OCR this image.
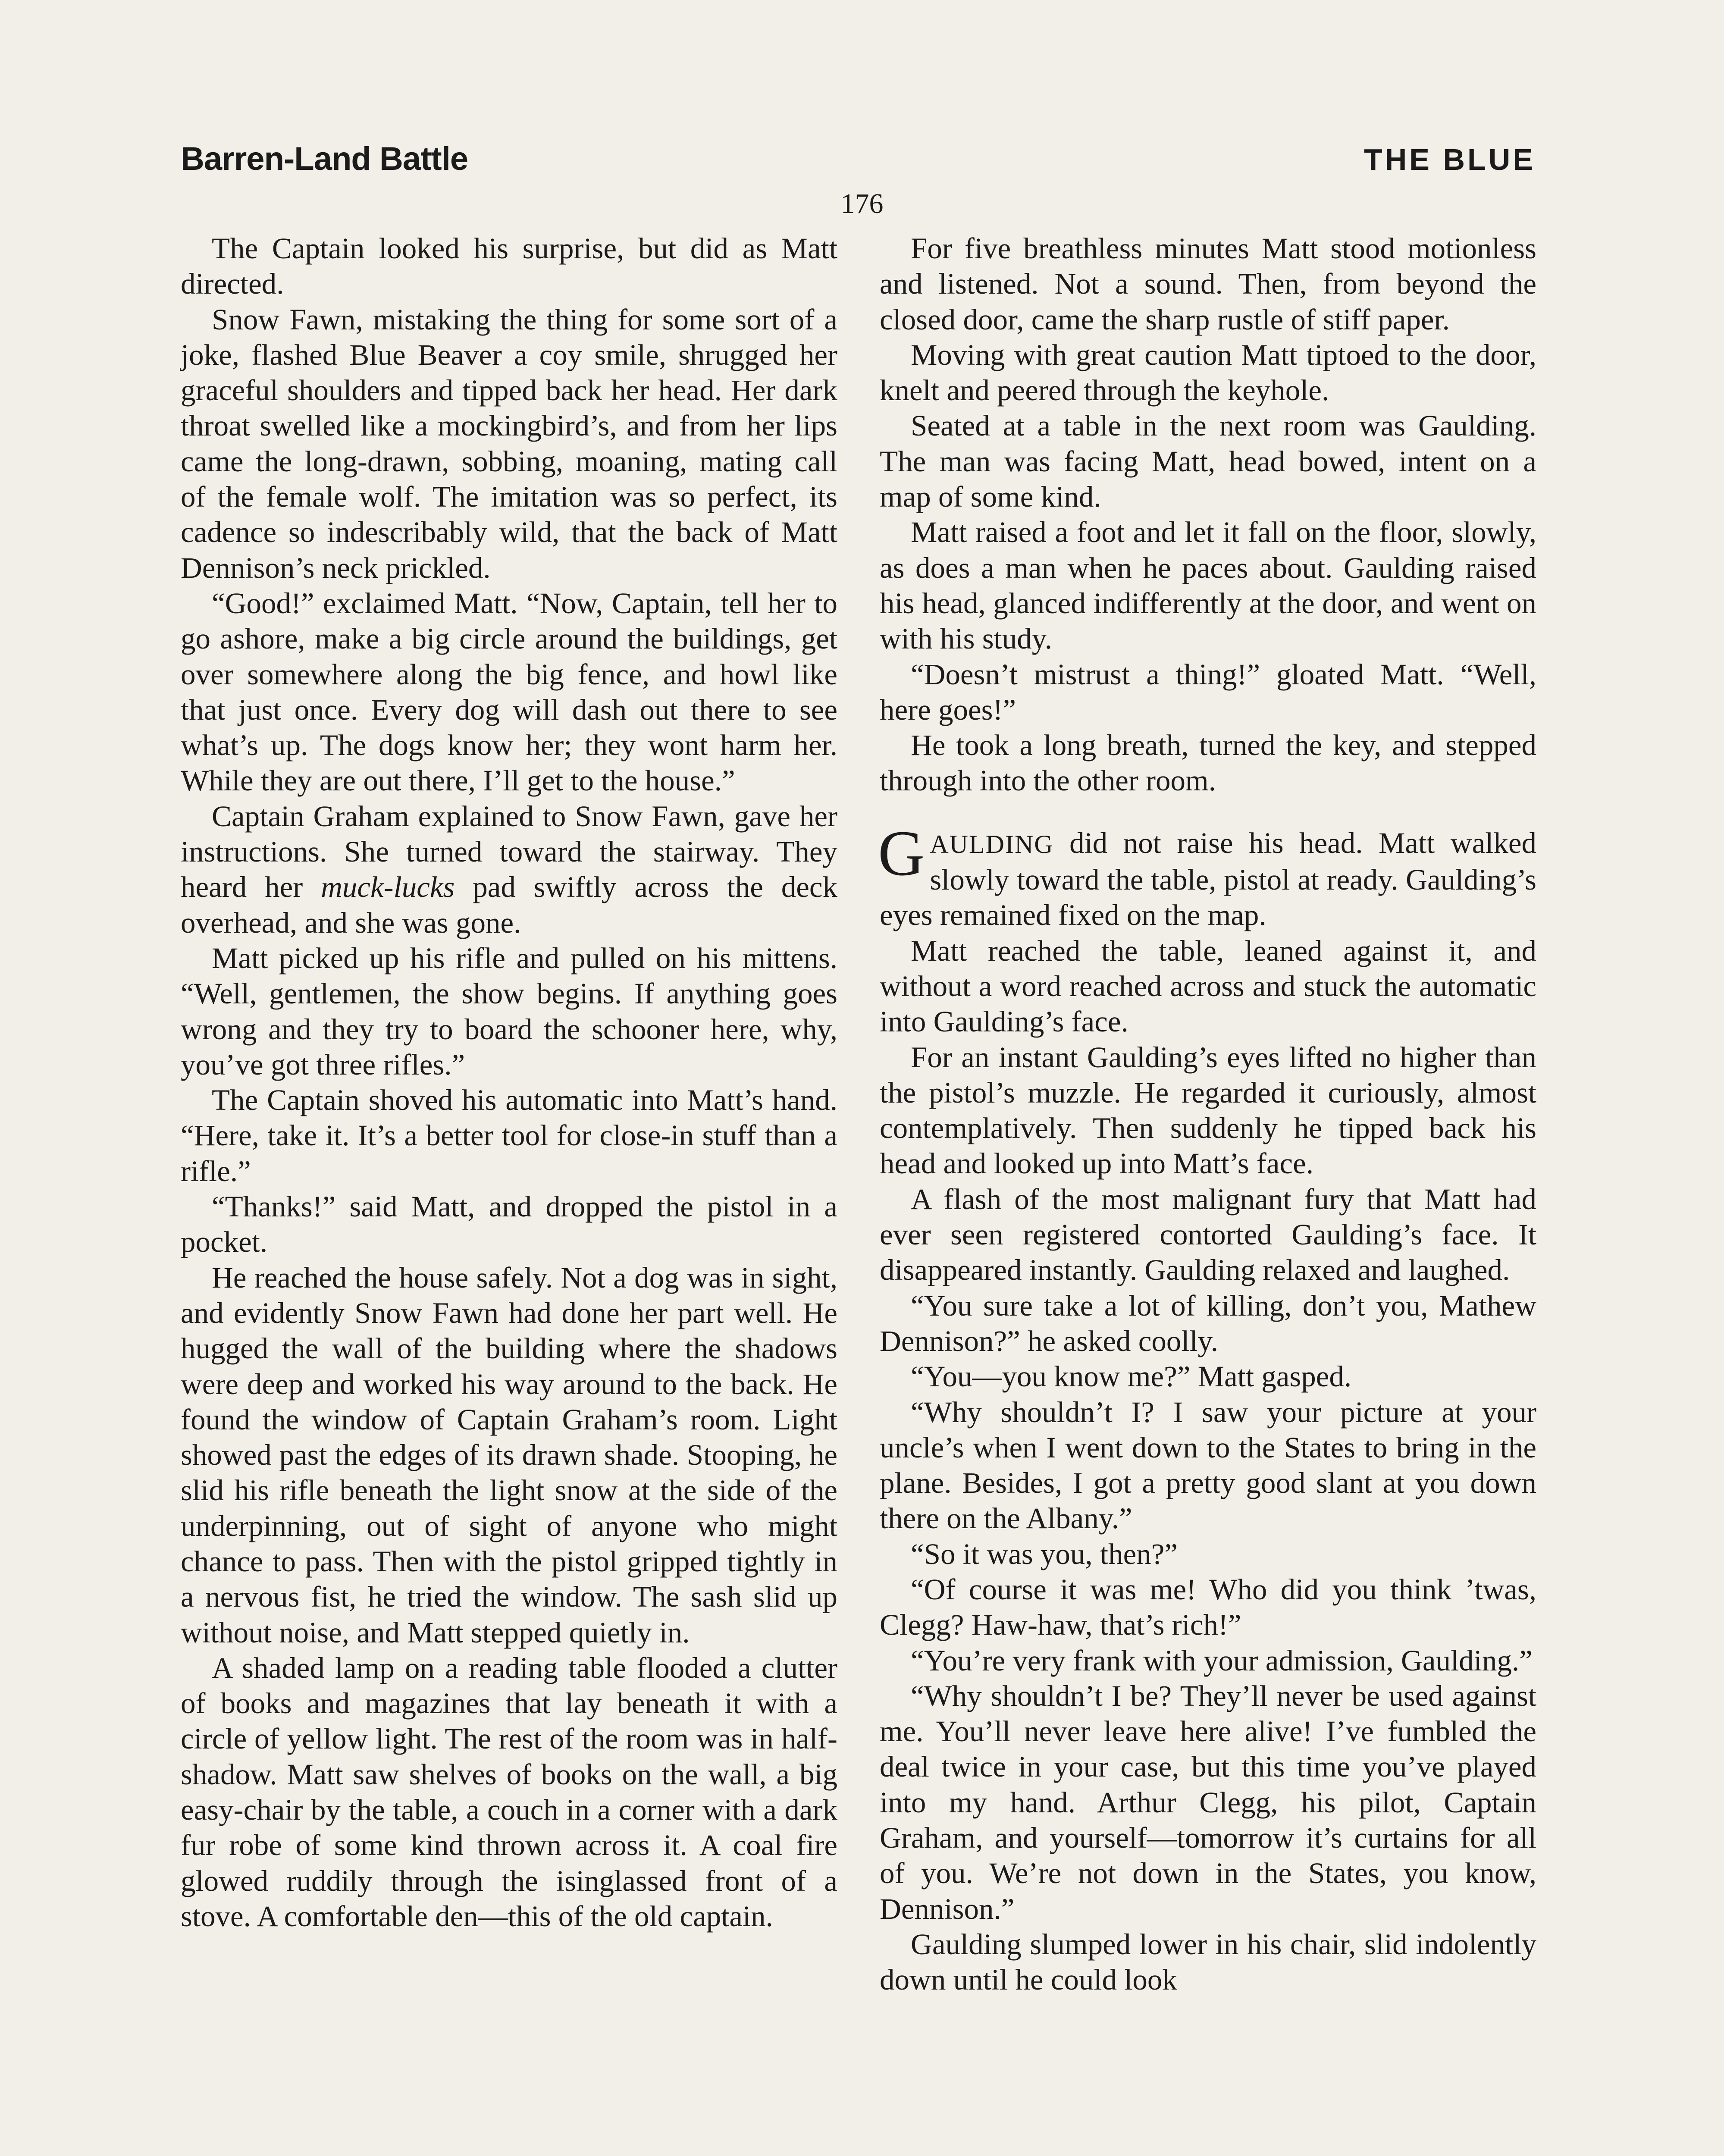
Barren-Land Battle	THE BLUE
176

The Captain looked his surprise, but did as Matt directed.

Snow Fawn, mistaking the thing for some sort of a joke, flashed Blue Beaver a coy smile, shrugged her graceful shoulders and tipped back her head. Her dark throat swelled like a mockingbird’s, and from her lips came the long-drawn, sobbing, moaning, mating call of the female wolf. The imitation was so perfect, its cadence so indescribably wild, that the back of Matt Dennison’s neck prickled.

“Good!” exclaimed Matt. “Now, Captain, tell her to go ashore, make a big circle around the buildings, get over somewhere along the big fence, and howl like that just once. Every dog will dash out there to see what’s up. The dogs know her; they wont harm her. While they are out there, I’ll get to the house.”

Captain Graham explained to Snow Fawn, gave her instructions. She turned toward the stairway. They heard her muck-lucks pad swiftly across the deck overhead, and she was gone.

Matt picked up his rifle and pulled on his mittens. “Well, gentlemen, the show begins. If anything goes wrong and they try to board the schooner here, why, you’ve got three rifles.”

The Captain shoved his automatic into Matt’s hand. “Here, take it. It’s a better tool for close-in stuff than a rifle.”

“Thanks!” said Matt, and dropped the pistol in a pocket.

He reached the house safely. Not a dog was in sight, and evidently Snow Fawn had done her part well. He hugged the wall of the building where the shadows were deep and worked his way around to the back. He found the window of Captain Graham’s room. Light showed past the edges of its drawn shade. Stooping, he slid his rifle beneath the light snow at the side of the underpinning, out of sight of anyone who might chance to pass. Then with the pistol gripped tightly in a nervous fist, he tried the window. The sash slid up without noise, and Matt stepped quietly in.

A shaded lamp on a reading table flooded a clutter of books and magazines that lay beneath it with a circle of yellow light. The rest of the room was in half-shadow. Matt saw shelves of books on the wall, a big easy-chair by the table, a couch in a corner with a dark fur robe of some kind thrown across it. A coal fire glowed ruddily through the isinglassed front of a stove. A comfortable den—this of the old captain.

For five breathless minutes Matt stood motionless and listened. Not a sound. Then, from beyond the closed door, came the sharp rustle of stiff paper.

Moving with great caution Matt tiptoed to the door, knelt and peered through the keyhole.

Seated at a table in the next room was Gaulding. The man was facing Matt, head bowed, intent on a map of some kind.

Matt raised a foot and let it fall on the floor, slowly, as does a man when he paces about. Gaulding raised his head, glanced indifferently at the door, and went on with his study.

“Doesn’t mistrust a thing!” gloated Matt. “Well, here goes!”

He took a long breath, turned the key, and stepped through into the other room.

GAULDING did not raise his head. Matt walked slowly toward the table, pistol at ready. Gaulding’s eyes remained fixed on the map.

Matt reached the table, leaned against it, and without a word reached across and stuck the automatic into Gaulding’s face.

For an instant Gaulding’s eyes lifted no higher than the pistol’s muzzle. He regarded it curiously, almost contemplatively. Then suddenly he tipped back his head and looked up into Matt’s face.

A flash of the most malignant fury that Matt had ever seen registered contorted Gaulding’s face. It disappeared instantly. Gaulding relaxed and laughed.

“You sure take a lot of killing, don’t you, Mathew Dennison?” he asked coolly.

“You—you know me?” Matt gasped.

“Why shouldn’t I? I saw your picture at your uncle’s when I went down to the States to bring in the plane. Besides, I got a pretty good slant at you down there on the Albany.”

“So it was you, then?”

“Of course it was me! Who did you think ’twas, Clegg? Haw-haw, that’s rich!”

“You’re very frank with your admission, Gaulding.”

“Why shouldn’t I be? They’ll never be used against me. You’ll never leave here alive! I’ve fumbled the deal twice in your case, but this time you’ve played into my hand. Arthur Clegg, his pilot, Captain Graham, and yourself—tomorrow it’s curtains for all of you. We’re not down in the States, you know, Dennison.”

Gaulding slumped lower in his chair, slid indolently down until he could look
